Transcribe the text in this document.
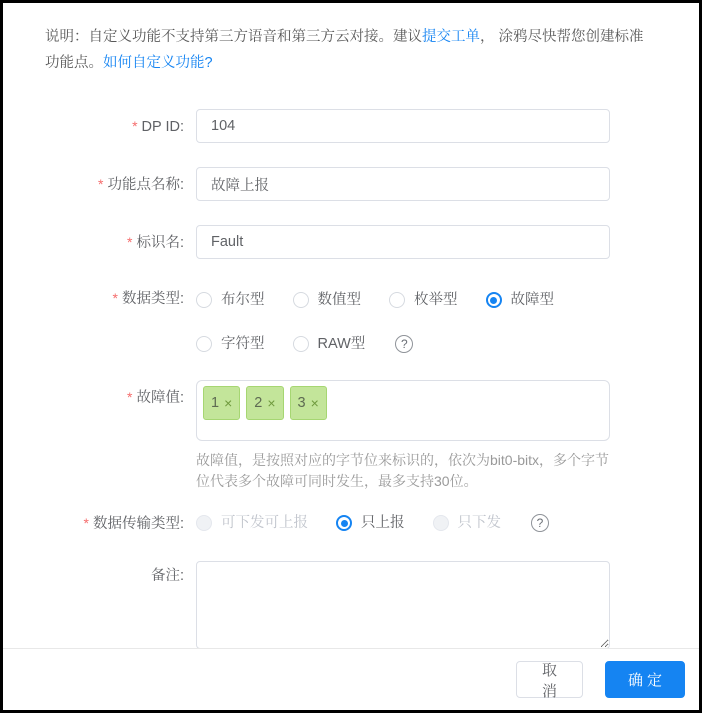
说明：自定义功能不支持第三方语音和第三方云对接。建议提交工单， 涂鸦尽快帮您创建标准功能点。如何自定义功能?
* DP ID:
104
* 功能点名称:
故障上报
* 标识名:
Fault
* 数据类型:	布尔型	数值型	枚举型	故障型
字符型	RAW型	?
* 故障值:	1 × 2 × 3 ×
故障值，是按照对应的字节位来标识的，依次为bit0-bitx，多个字节位代表多个故障可同时发生，最多支持30位。
* 数据传输类型:	可下发可上报	只上报	只下发	?
备注:
取消
确定
